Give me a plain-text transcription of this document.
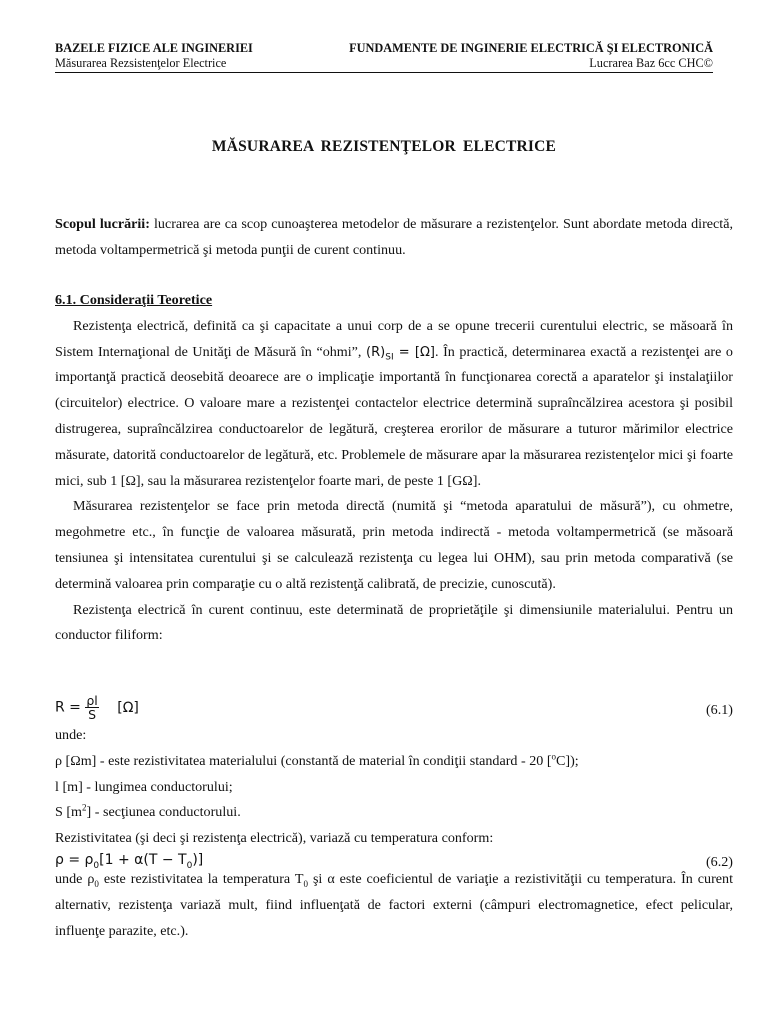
BAZELE FIZICE ALE INGINERIEI	FUNDAMENTE DE INGINERIE ELECTRICĂ ŞI ELECTRONICĂ
Măsurarea Rezsistenţelor Electrice	Lucrarea Baz 6cc CHC©
MĂSURAREA REZISTENŢELOR ELECTRICE

Scopul lucrării: lucrarea are ca scop cunoaşterea metodelor de măsurare a rezistenţelor. Sunt abordate metoda directă, metoda voltampermetrică şi metoda punţii de curent continuu.

6.1. Consideraţii Teoretice

Rezistenţa electrică, definită ca şi capacitate a unui corp de a se opune trecerii curentului electric, se măsoară în Sistem Internaţional de Unităţi de Măsură în “ohmi”, $(R)_{SI} = [\Omega]$. În practică, determinarea exactă a rezistenţei are o importanţă practică deosebită deoarece are o implicaţie importantă în funcţionarea corectă a aparatelor şi instalaţiilor (circuitelor) electrice. O valoare mare a rezistenţei contactelor electrice determină supraîncălzirea acestora şi posibil distrugerea, supraîncălzirea conductoarelor de legătură, creşterea erorilor de măsurare a tuturor mărimilor electrice măsurate, datorită conductoarelor de legătură, etc. Problemele de măsurare apar la măsurarea rezistenţelor mici şi foarte mici, sub 1 [Ω], sau la măsurarea rezistenţelor foarte mari, de peste 1 [GΩ].

Măsurarea rezistenţelor se face prin metoda directă (numită şi “metoda aparatului de măsură”), cu ohmetre, megohmetre etc., în funcţie de valoarea măsurată, prin metoda indirectă - metoda voltampermetrică (se măsoară tensiunea şi intensitatea curentului şi se calculează rezistenţa cu legea lui OHM), sau prin metoda comparativă (se determină valoarea prin comparaţie cu o altă rezistenţă calibrată, de precizie, cunoscută).

Rezistenţa electrică în curent continuu, este determinată de proprietăţile şi dimensiunile materialului. Pentru un conductor filiform:

$R = \frac{\rho l}{S} [\Omega]$	(6.1)

unde:

ρ [Ωm] - este rezistivitatea materialului (constantă de material în condiţii standard - 20 [$^o$C]);

l [m] - lungimea conductorului;

S $[m^2]$ - secţiunea conductorului.

Rezistivitatea (şi deci şi rezistenţa electrică), variază cu temperatura conform:

$\rho = \rho_0[1 + \alpha(T - T_0)]$	(6.2)

unde $\rho_0$ este rezistivitatea la temperatura $T_0$ şi α este coeficientul de variaţie a rezistivităţii cu temperatura. În curent alternativ, rezistenţa variază mult, fiind influenţată de factori externi (câmpuri electromagnetice, efect pelicular, influenţe parazite, etc.).
